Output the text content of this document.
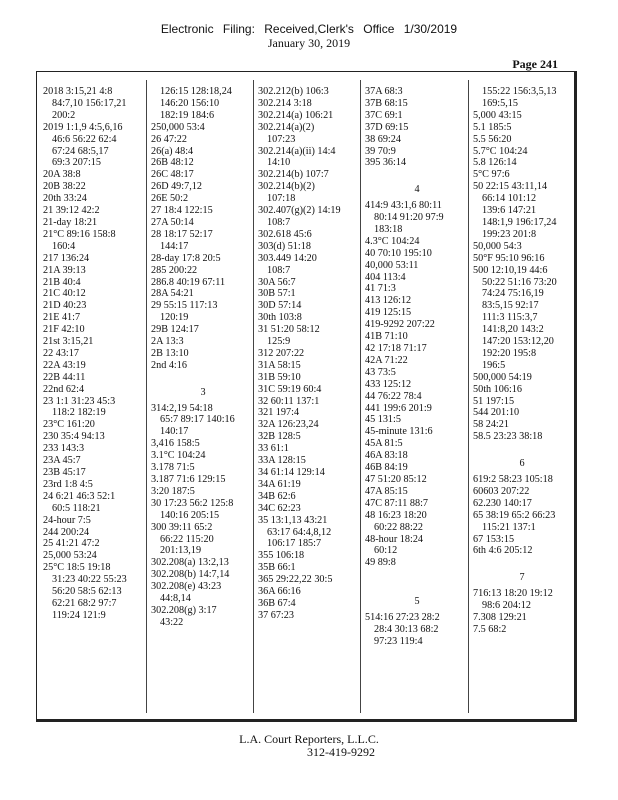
Electronic Filing: Received,Clerk's Office 1/30/2019
January 30, 2019
Page 241
2018 3:15,21 4:8
84:7,10 156:17,21
200:2
2019 1:1,9 4:5,6,16
46:6 56:22 62:4
67:24 68:5,17
69:3 207:15
20A 38:8
20B 38:22
20th 33:24
21 39:12 42:2
21-day 18:21
21°C 89:16 158:8
160:4
217 136:24
21A 39:13
21B 40:4
21C 40:12
21D 40:23
21E 41:7
21F 42:10
21st 3:15,21
22 43:17
22A 43:19
22B 44:11
22nd 62:4
23 1:1 31:23 45:3
118:2 182:19
23°C 161:20
230 35:4 94:13
233 143:3
23A 45:7
23B 45:17
23rd 1:8 4:5
24 6:21 46:3 52:1
60:5 118:21
24-hour 7:5
244 200:24
25 41:21 47:2
25,000 53:24
25°C 18:5 19:18
31:23 40:22 55:23
56:20 58:5 62:13
62:21 68:2 97:7
119:24 121:9
126:15 128:18,24
146:20 156:10
182:19 184:6
250,000 53:4
26 47:22
26(a) 48:4
26B 48:12
26C 48:17
26D 49:7,12
26E 50:2
27 18:4 122:15
27A 50:14
28 18:17 52:17
144:17
28-day 17:8 20:5
285 200:22
286.8 40:19 67:11
28A 54:21
29 55:15 117:13
120:19
29B 124:17
2A 13:3
2B 13:10
2nd 4:16
3
314:2,19 54:18
65:7 89:17 140:16
140:17
3,416 158:5
3.1°C 104:24
3.178 71:5
3.187 71:6 129:15
3:20 187:5
30 17:23 56:2 125:8
140:16 205:15
300 39:11 65:2
66:22 115:20
201:13,19
302.208(a) 13:2,13
302.208(b) 14:7,14
302.208(e) 43:23
44:8,14
302.208(g) 3:17
43:22
302.212(b) 106:3
302.214 3:18
302.214(a) 106:21
302.214(a)(2)
107:23
302.214(a)(ii) 14:4
14:10
302.214(b) 107:7
302.214(b)(2)
107:18
302.407(g)(2) 14:19
108:7
302.618 45:6
303(d) 51:18
303.449 14:20
108:7
30A 56:7
30B 57:1
30D 57:14
30th 103:8
31 51:20 58:12
125:9
312 207:22
31A 58:15
31B 59:10
31C 59:19 60:4
32 60:11 137:1
321 197:4
32A 126:23,24
32B 128:5
33 61:1
33A 128:15
34 61:14 129:14
34A 61:19
34B 62:6
34C 62:23
35 13:1,13 43:21
63:17 64:4,8,12
106:17 185:7
355 106:18
35B 66:1
365 29:22,22 30:5
36A 66:16
36B 67:4
37 67:23
37A 68:3
37B 68:15
37C 69:1
37D 69:15
38 69:24
39 70:9
395 36:14
4
414:9 43:1,6 80:11
80:14 91:20 97:9
183:18
4.3°C 104:24
40 70:10 195:10
40,000 53:11
404 113:4
41 71:3
413 126:12
419 125:15
419-9292 207:22
41B 71:10
42 17:18 71:17
42A 71:22
43 73:5
433 125:12
44 76:22 78:4
441 199:6 201:9
45 131:5
45-minute 131:6
45A 81:5
46A 83:18
46B 84:19
47 51:20 85:12
47A 85:15
47C 87:11 88:7
48 16:23 18:20
60:22 88:22
48-hour 18:24
60:12
49 89:8
5
514:16 27:23 28:2
28:4 30:13 68:2
97:23 119:4
155:22 156:3,5,13
169:5,15
5,000 43:15
5.1 185:5
5.5 56:20
5.7°C 104:24
5.8 126:14
5°C 97:6
50 22:15 43:11,14
66:14 101:12
139:6 147:21
148:1,9 196:17,24
199:23 201:8
50,000 54:3
50°F 95:10 96:16
500 12:10,19 44:6
50:22 51:16 73:20
74:24 75:16,19
83:5,15 92:17
111:3 115:3,7
141:8,20 143:2
147:20 153:12,20
192:20 195:8
196:5
500,000 54:19
50th 106:16
51 197:15
544 201:10
58 24:21
58.5 23:23 38:18
6
619:2 58:23 105:18
60603 207:22
62.230 140:17
65 38:19 65:2 66:23
115:21 137:1
67 153:15
6th 4:6 205:12
7
716:13 18:20 19:12
98:6 204:12
7.308 129:21
7.5 68:2
L.A. Court Reporters, L.L.C.
312-419-9292
